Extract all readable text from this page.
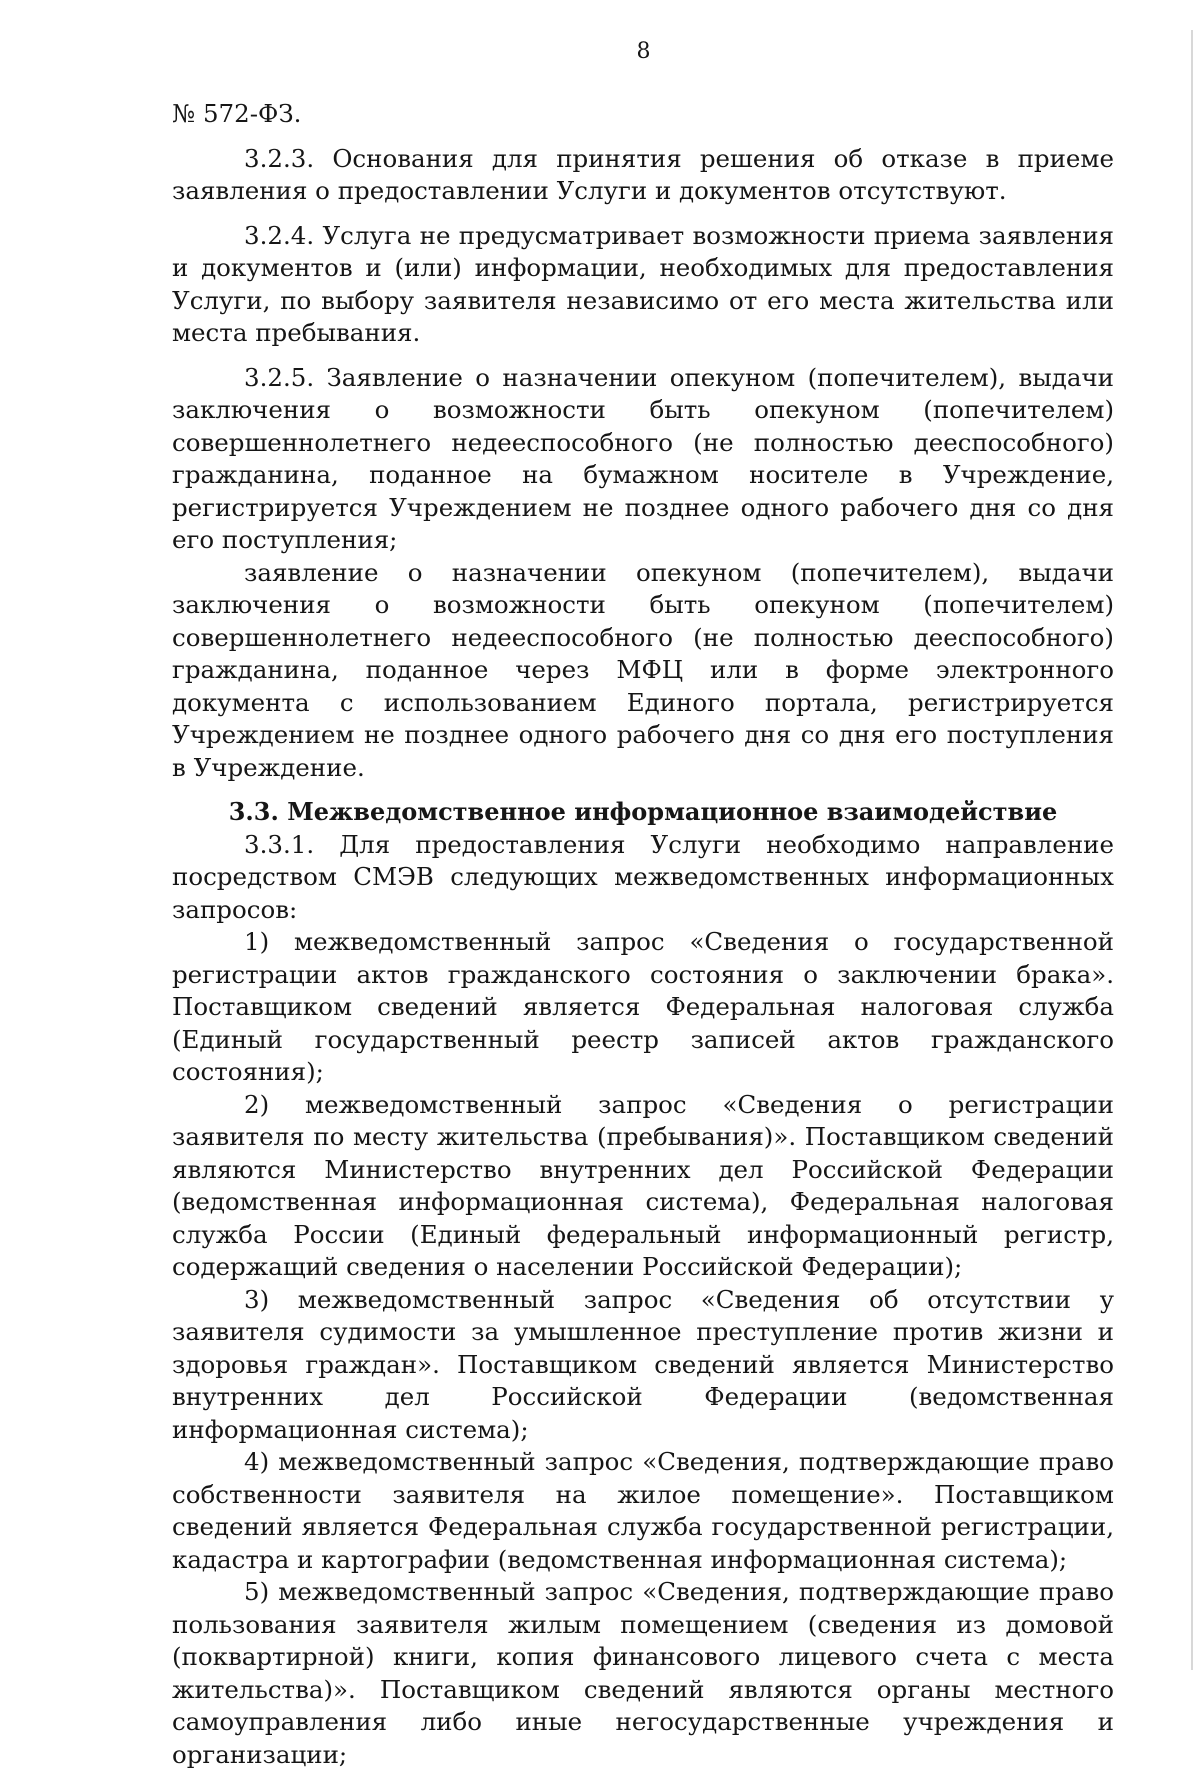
8

№ 572-ФЗ.

3.2.3. Основания для принятия решения об отказе в приеме заявления о предоставлении Услуги и документов отсутствуют.

3.2.4. Услуга не предусматривает возможности приема заявления и документов и (или) информации, необходимых для предоставления Услуги, по выбору заявителя независимо от его места жительства или места пребывания.

3.2.5. Заявление о назначении опекуном (попечителем), выдачи заключения о возможности быть опекуном (попечителем) совершеннолетнего недееспособного (не полностью дееспособного) гражданина, поданное на бумажном носителе в Учреждение, регистрируется Учреждением не позднее одного рабочего дня со дня его поступления;

заявление о назначении опекуном (попечителем), выдачи заключения о возможности быть опекуном (попечителем) совершеннолетнего недееспособного (не полностью дееспособного) гражданина, поданное через МФЦ или в форме электронного документа с использованием Единого портала, регистрируется Учреждением не позднее одного рабочего дня со дня его поступления в Учреждение.

3.3. Межведомственное информационное взаимодействие

3.3.1. Для предоставления Услуги необходимо направление посредством СМЭВ следующих межведомственных информационных запросов:

1) межведомственный запрос «Сведения о государственной регистрации актов гражданского состояния о заключении брака». Поставщиком сведений является Федеральная налоговая служба (Единый государственный реестр записей актов гражданского состояния);

2) межведомственный запрос «Сведения о регистрации заявителя по месту жительства (пребывания)». Поставщиком сведений являются Министерство внутренних дел Российской Федерации (ведомственная информационная система), Федеральная налоговая служба России (Единый федеральный информационный регистр, содержащий сведения о населении Российской Федерации);

3) межведомственный запрос «Сведения об отсутствии у заявителя судимости за умышленное преступление против жизни и здоровья граждан». Поставщиком сведений является Министерство внутренних дел Российской Федерации (ведомственная информационная система);

4) межведомственный запрос «Сведения, подтверждающие право собственности заявителя на жилое помещение». Поставщиком сведений является Федеральная служба государственной регистрации, кадастра и картографии (ведомственная информационная система);

5) межведомственный запрос «Сведения, подтверждающие право пользования заявителя жилым помещением (сведения из домовой (поквартирной) книги, копия финансового лицевого счета с места жительства)». Поставщиком сведений являются органы местного самоуправления либо иные негосударственные учреждения и организации;
